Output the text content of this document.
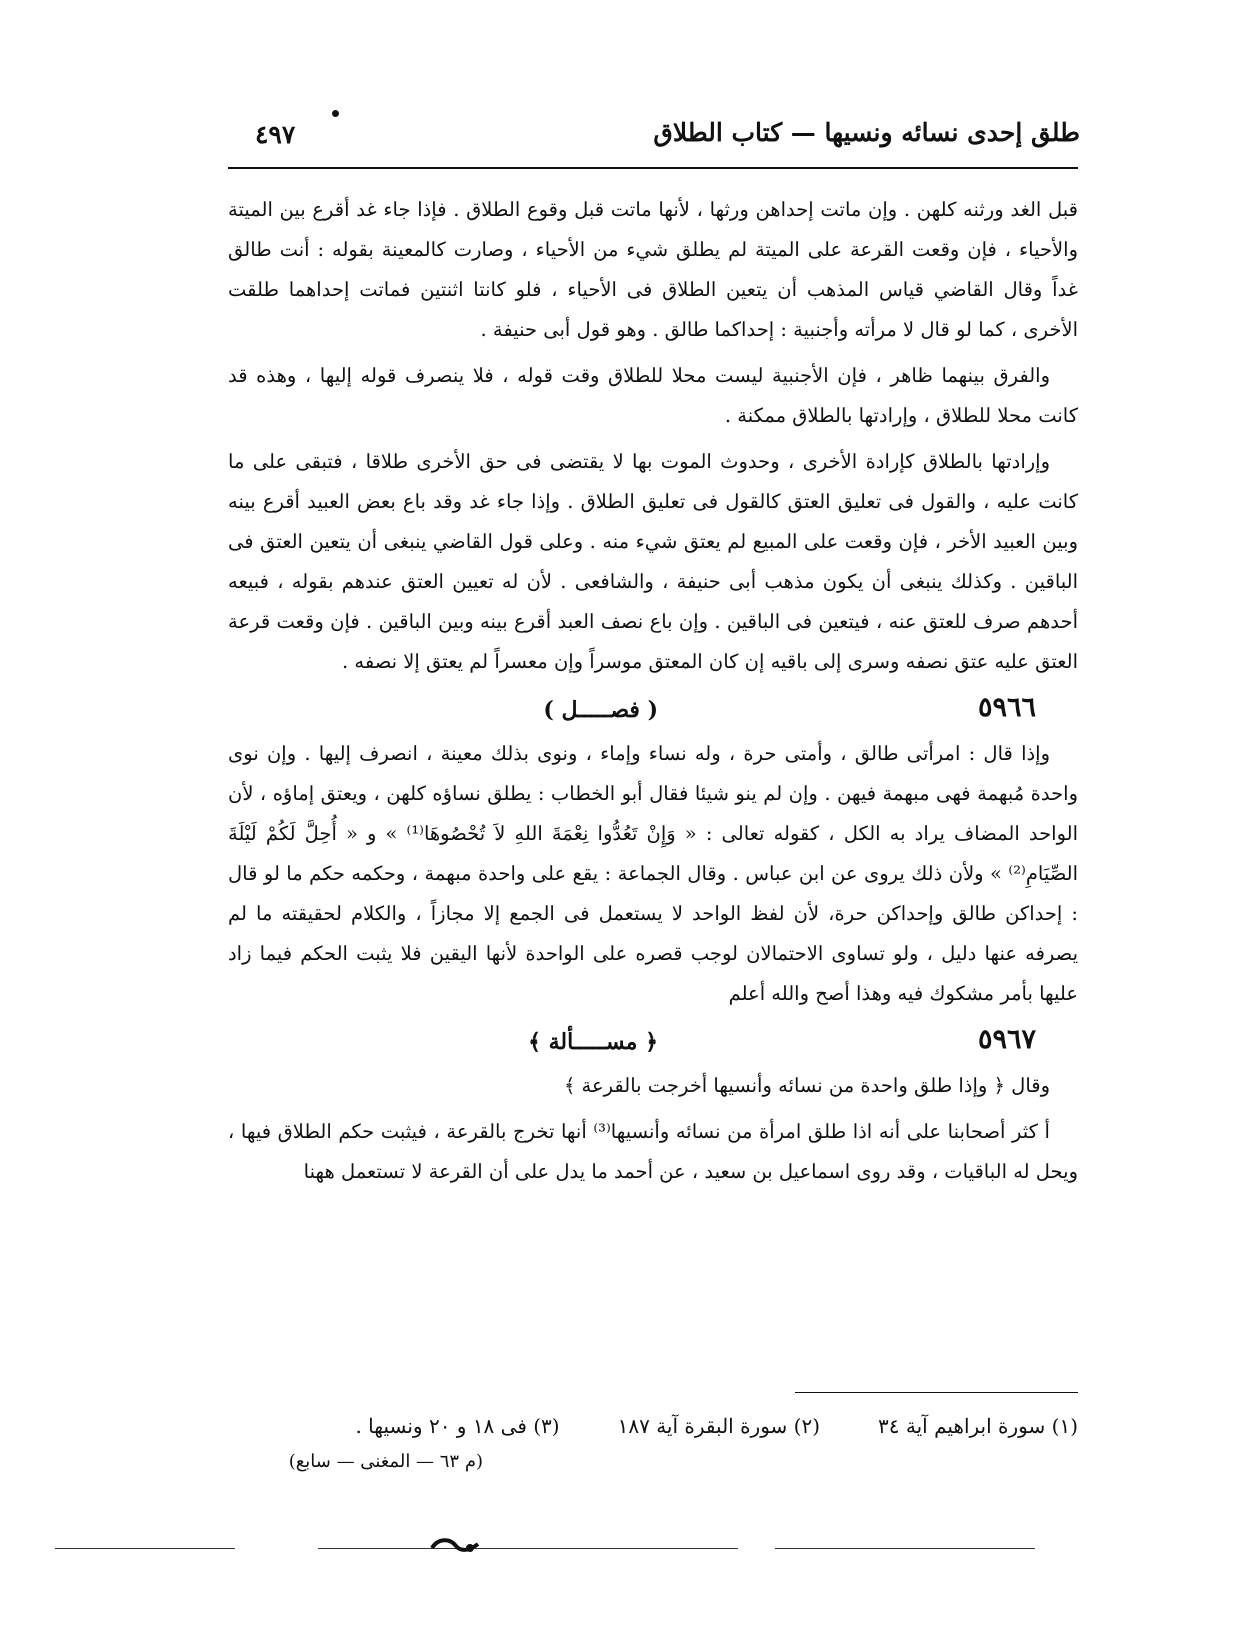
طلق إحدى نسائه ونسيها — كتاب الطلاق
٤٩٧

قبل الغد ورثنه كلهن . وإن ماتت إحداهن ورثها ، لأنها ماتت قبل وقوع الطلاق . فإذا جاء غد أقرع بين الميتة والأحياء ، فإن وقعت القرعة على الميتة لم يطلق شيء من الأحياء ، وصارت كالمعينة بقوله : أنت طالق غداً وقال القاضي قياس المذهب أن يتعين الطلاق فى الأحياء ، فلو كانتا اثنتين فماتت إحداهما طلقت الأخرى ، كما لو قال لا مرأته وأجنبية : إحداكما طالق . وهو قول أبى حنيفة .

والفرق بينهما ظاهر ، فإن الأجنبية ليست محلا للطلاق وقت قوله ، فلا ينصرف قوله إليها ، وهذه قد كانت محلا للطلاق ، وإرادتها بالطلاق ممكنة .

وإرادتها بالطلاق كإرادة الأخرى ، وحدوث الموت بها لا يقتضى فى حق الأخرى طلاقا ، فتبقى على ما كانت عليه ، والقول فى تعليق العتق كالقول فى تعليق الطلاق . وإذا جاء غد وقد باع بعض العبيد أقرع بينه وبين العبيد الأخر ، فإن وقعت على المبيع لم يعتق شيء منه . وعلى قول القاضي ينبغى أن يتعين العتق فى الباقين . وكذلك ينبغى أن يكون مذهب أبى حنيفة ، والشافعى . لأن له تعيين العتق عندهم بقوله ، فبيعه أحدهم صرف للعتق عنه ، فيتعين فى الباقين . وإن باع نصف العبد أقرع بينه وبين الباقين . فإن وقعت قرعة العتق عليه عتق نصفه وسرى إلى باقيه إن كان المعتق موسراً وإن معسراً لم يعتق إلا نصفه .

٥٩٦٦
( فصـــــل )

وإذا قال : امرأتى طالق ، وأمتى حرة ، وله نساء وإماء ، ونوى بذلك معينة ، انصرف إليها . وإن نوى واحدة مُبهمة فهى مبهمة فيهن . وإن لم ينو شيئا فقال أبو الخطاب : يطلق نساؤه كلهن ، ويعتق إماؤه ، لأن الواحد المضاف يراد به الكل ، كقوله تعالى : « وَإِنْ تَعُدُّوا نِعْمَةَ اللهِ لاَ تُحْصُوهَا⁽¹⁾ » و « أُحِلَّ لَكُمْ لَيْلَةَ الصِّيَامِ⁽²⁾ » ولأن ذلك يروى عن ابن عباس . وقال الجماعة : يقع على واحدة مبهمة ، وحكمه حكم ما لو قال : إحداكن طالق وإحداكن حرة، لأن لفظ الواحد لا يستعمل فى الجمع إلا مجازاً ، والكلام لحقيقته ما لم يصرفه عنها دليل ، ولو تساوى الاحتمالان لوجب قصره على الواحدة لأنها اليقين فلا يثبت الحكم فيما زاد عليها بأمر مشكوك فيه وهذا أصح والله أعلم

٥٩٦٧
﴿ مســـــألة ﴾

وقال ﴿ وإذا طلق واحدة من نسائه وأنسيها أخرجت بالقرعة ﴾

أ كثر أصحابنا على أنه اذا طلق امرأة من نسائه وأنسيها⁽³⁾ أنها تخرج بالقرعة ، فيثبت حكم الطلاق فيها ، ويحل له الباقيات ، وقد روى اسماعيل بن سعيد ، عن أحمد ما يدل على أن القرعة لا تستعمل ههنا

(١) سورة ابراهيم آية ٣٤
(٢) سورة البقرة آية ١٨٧
(٣) فى ١٨ و ٢٠ ونسيها .
(م ٦٣ — المغنى — سابع)
